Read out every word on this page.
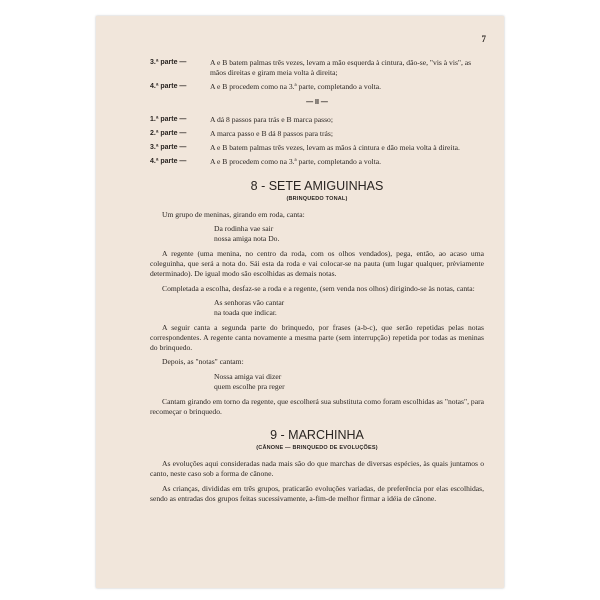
7
3.ª parte —	A e B batem palmas três vezes, levam a mão esquerda à cintura, dão-se, "vis à vis", as mãos direitas e giram meia volta à direita;
4.ª parte —	A e B procedem como na 3.ª parte, completando a volta.
— II —
1.ª parte —	A dá 8 passos para trás e B marca passo;
2.ª parte —	A marca passo e B dá 8 passos para trás;
3.ª parte —	A e B batem palmas três vezes, levam as mãos à cintura e dão meia volta à direita.
4.ª parte —	A e B procedem como na 3.ª parte, completando a volta.
8 - SETE AMIGUINHAS
(BRINQUEDO TONAL)

Um grupo de meninas, girando em roda, canta:

Da rodinha vae sair
nossa amiga nota Do.

A regente (uma menina, no centro da roda, com os olhos vendados), pega, então, ao acaso uma coleguinha, que será a nota do. Sái esta da roda e vai colocar-se na pauta (um lugar qualquer, prèviamente determinado). De igual modo são escolhidas as demais notas.

Completada a escolha, desfaz-se a roda e a regente, (sem venda nos olhos) dirigindo-se às notas, canta:

As senhoras vão cantar
na toada que indicar.

A seguir canta a segunda parte do brinquedo, por frases (a-b-c), que serão repetidas pelas notas correspondentes. A regente canta novamente a mesma parte (sem interrupção) repetida por todas as meninas do brinquedo.

Depois, as "notas" cantam:

Nossa amiga vai dizer
quem escolhe pra reger

Cantam girando em torno da regente, que escolherá sua substituta como foram escolhidas as "notas", para recomeçar o brinquedo.

9 - MARCHINHA
(CÂNONE — BRINQUEDO DE EVOLUÇÕES)

As evoluções aqui consideradas nada mais são do que marchas de diversas espécies, às quais juntamos o canto, neste caso sob a forma de cânone.

As crianças, divididas em três grupos, praticarão evoluções variadas, de preferência por elas escolhidas, sendo as entradas dos grupos feitas sucessivamente, a-fim-de melhor firmar a idéia de cânone.
